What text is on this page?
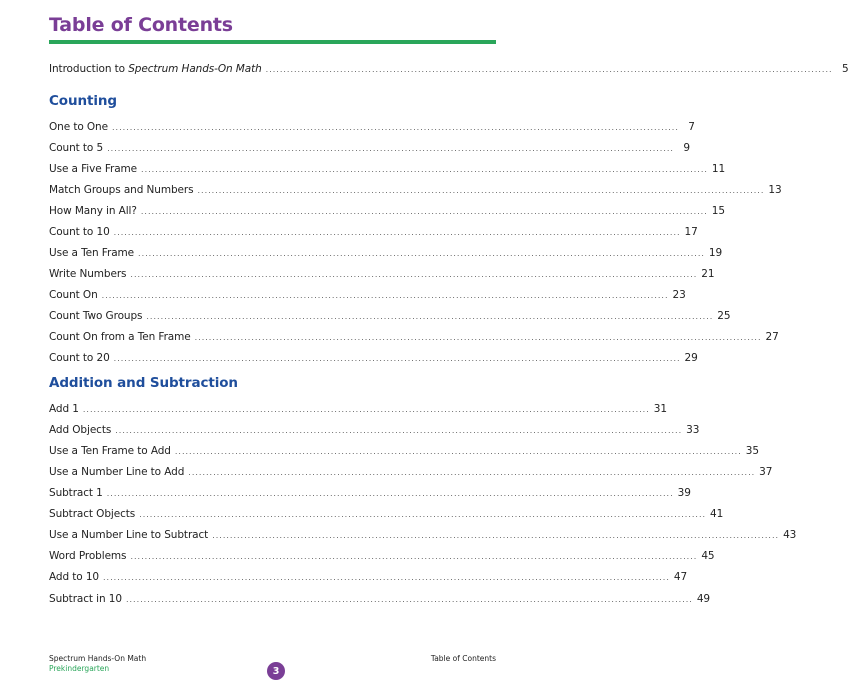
Table of Contents
Introduction to Spectrum Hands-On Math ................................................................................................................................................................ 5
Counting
One to One ................................................................................................................................................................ 7
Count to 5 ................................................................................................................................................................ 9
Use a Five Frame ................................................................................................................................................................ 11
Match Groups and Numbers ................................................................................................................................................................ 13
How Many in All? ................................................................................................................................................................ 15
Count to 10 ................................................................................................................................................................ 17
Use a Ten Frame ................................................................................................................................................................ 19
Write Numbers ................................................................................................................................................................ 21
Count On ................................................................................................................................................................ 23
Count Two Groups ................................................................................................................................................................ 25
Count On from a Ten Frame ................................................................................................................................................................ 27
Count to 20 ................................................................................................................................................................ 29
Addition and Subtraction
Add 1 ................................................................................................................................................................ 31
Add Objects ................................................................................................................................................................ 33
Use a Ten Frame to Add ................................................................................................................................................................ 35
Use a Number Line to Add ................................................................................................................................................................ 37
Subtract 1 ................................................................................................................................................................ 39
Subtract Objects ................................................................................................................................................................ 41
Use a Number Line to Subtract ................................................................................................................................................................ 43
Word Problems ................................................................................................................................................................ 45
Add to 10 ................................................................................................................................................................ 47
Subtract in 10 ................................................................................................................................................................ 49
Spectrum Hands-On Math
Prekindergarten
Table of Contents
3
